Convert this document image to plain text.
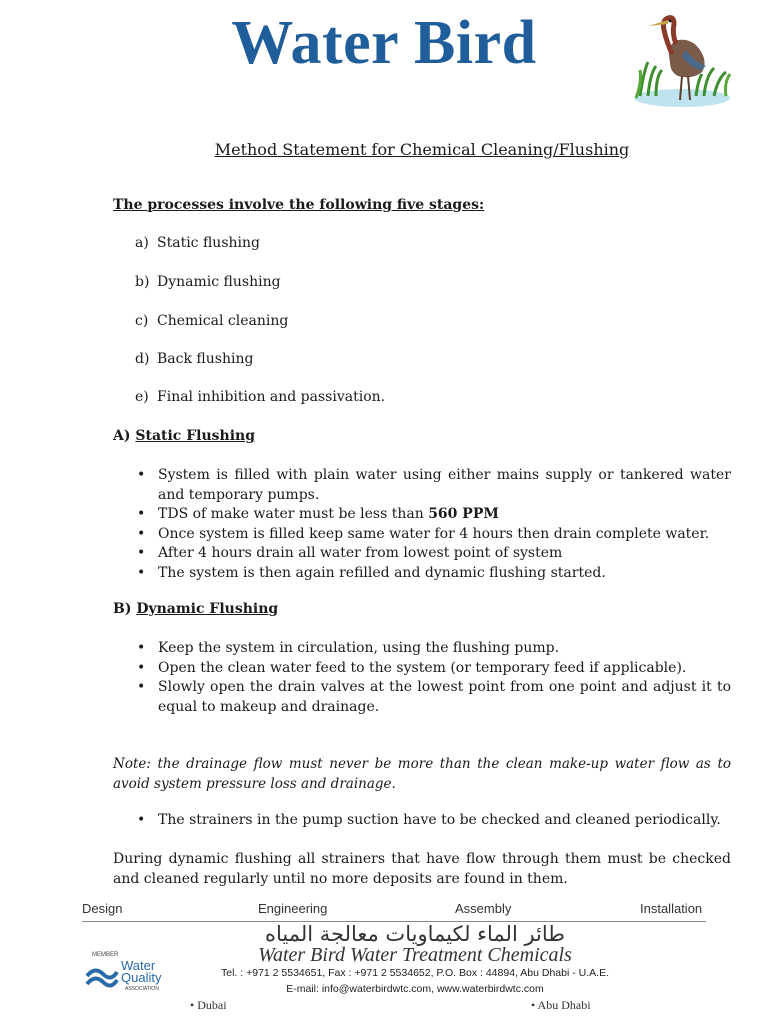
Water Bird
Method Statement for Chemical Cleaning/Flushing
The processes involve the following five stages:
a) Static flushing
b) Dynamic flushing
c) Chemical cleaning
d) Back flushing
e) Final inhibition and passivation.
A) Static Flushing
• System is filled with plain water using either mains supply or tankered water and temporary pumps.
• TDS of make water must be less than 560 PPM
• Once system is filled keep same water for 4 hours then drain complete water.
• After 4 hours drain all water from lowest point of system
• The system is then again refilled and dynamic flushing started.
B) Dynamic Flushing
• Keep the system in circulation, using the flushing pump.
• Open the clean water feed to the system (or temporary feed if applicable).
• Slowly open the drain valves at the lowest point from one point and adjust it to equal to makeup and drainage.
Note: the drainage flow must never be more than the clean make-up water flow as to avoid system pressure loss and drainage.
• The strainers in the pump suction have to be checked and cleaned periodically.
During dynamic flushing all strainers that have flow through them must be checked and cleaned regularly until no more deposits are found in them.
Design	Engineering	Assembly	Installation
طائر الماء لكيماويات معالجة المياه
Water Bird Water Treatment Chemicals
Tel. : +971 2 5534651, Fax : +971 2 5534652, P.O. Box : 44894, Abu Dhabi - U.A.E.
E-mail: info@waterbirdwtc.com, www.waterbirdwtc.com
MEMBER
Water
Quality
ASSOCIATION
• Dubai	• Abu Dhabi
